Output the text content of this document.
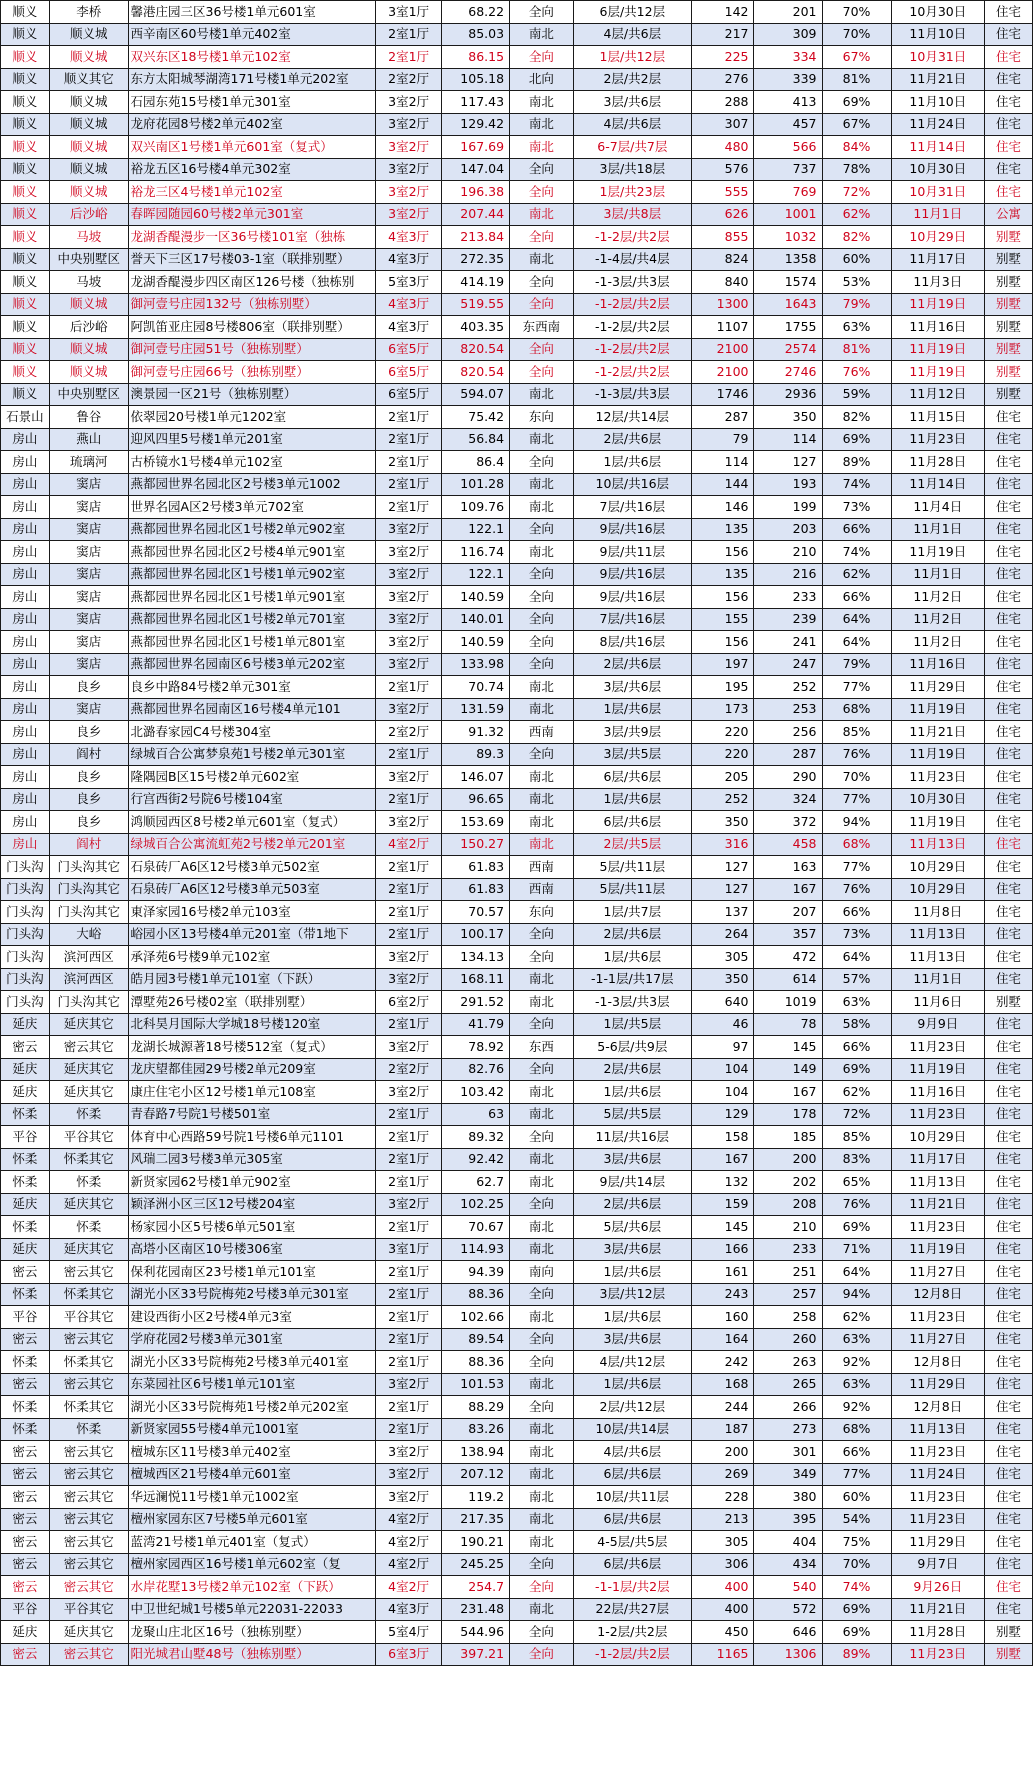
顺义	李桥	馨港庄园三区36号楼1单元601室	3室1厅	68.22	全向	6层/共12层	142	201	70%	10月30日	住宅
顺义	顺义城	西辛南区60号楼1单元402室	2室1厅	85.03	南北	4层/共6层	217	309	70%	11月10日	住宅
顺义	顺义城	双兴东区18号楼1单元102室	2室1厅	86.15	全向	1层/共12层	225	334	67%	10月31日	住宅
顺义	顺义其它	东方太阳城琴湖湾171号楼1单元202室	2室2厅	105.18	北向	2层/共2层	276	339	81%	11月21日	住宅
顺义	顺义城	石园东苑15号楼1单元301室	3室2厅	117.43	南北	3层/共6层	288	413	69%	11月10日	住宅
顺义	顺义城	龙府花园8号楼2单元402室	3室2厅	129.42	南北	4层/共6层	307	457	67%	11月24日	住宅
顺义	顺义城	双兴南区1号楼1单元601室（复式）	3室2厅	167.69	南北	6-7层/共7层	480	566	84%	11月14日	住宅
顺义	顺义城	裕龙五区16号楼4单元302室	3室2厅	147.04	全向	3层/共18层	576	737	78%	10月30日	住宅
顺义	顺义城	裕龙三区4号楼1单元102室	3室2厅	196.38	全向	1层/共23层	555	769	72%	10月31日	住宅
顺义	后沙峪	春晖园随园60号楼2单元301室	3室2厅	207.44	南北	3层/共8层	626	1001	62%	11月1日	公寓
顺义	马坡	龙湖香醍漫步一区36号楼101室（独栋	4室3厅	213.84	全向	-1-2层/共2层	855	1032	82%	10月29日	别墅
顺义	中央别墅区	誉天下三区17号楼03-1室（联排别墅）	4室3厅	272.35	南北	-1-4层/共4层	824	1358	60%	11月17日	别墅
顺义	马坡	龙湖香醍漫步四区南区126号楼（独栋别	5室3厅	414.19	全向	-1-3层/共3层	840	1574	53%	11月3日	别墅
顺义	顺义城	御河壹号庄园132号（独栋别墅）	4室3厅	519.55	全向	-1-2层/共2层	1300	1643	79%	11月19日	别墅
顺义	后沙峪	阿凯笛亚庄园8号楼806室（联排别墅）	4室3厅	403.35	东西南	-1-2层/共2层	1107	1755	63%	11月16日	别墅
顺义	顺义城	御河壹号庄园51号（独栋别墅）	6室5厅	820.54	全向	-1-2层/共2层	2100	2574	81%	11月19日	别墅
顺义	顺义城	御河壹号庄园66号（独栋别墅）	6室5厅	820.54	全向	-1-2层/共2层	2100	2746	76%	11月19日	别墅
顺义	中央别墅区	澳景园一区21号（独栋别墅）	6室5厅	594.07	南北	-1-3层/共3层	1746	2936	59%	11月12日	别墅
石景山	鲁谷	依翠园20号楼1单元1202室	2室1厅	75.42	东向	12层/共14层	287	350	82%	11月15日	住宅
房山	燕山	迎风四里5号楼1单元201室	2室1厅	56.84	南北	2层/共6层	79	114	69%	11月23日	住宅
房山	琉璃河	古桥镜水1号楼4单元102室	2室1厅	86.4	全向	1层/共6层	114	127	89%	11月28日	住宅
房山	窦店	燕都园世界名园北区2号楼3单元1002	2室1厅	101.28	南北	10层/共16层	144	193	74%	11月14日	住宅
房山	窦店	世界名园A区2号楼3单元702室	2室1厅	109.76	南北	7层/共16层	146	199	73%	11月4日	住宅
房山	窦店	燕都园世界名园北区1号楼2单元902室	3室2厅	122.1	全向	9层/共16层	135	203	66%	11月1日	住宅
房山	窦店	燕都园世界名园北区2号楼4单元901室	3室2厅	116.74	南北	9层/共11层	156	210	74%	11月19日	住宅
房山	窦店	燕都园世界名园北区1号楼1单元902室	3室2厅	122.1	全向	9层/共16层	135	216	62%	11月1日	住宅
房山	窦店	燕都园世界名园北区1号楼1单元901室	3室2厅	140.59	全向	9层/共16层	156	233	66%	11月2日	住宅
房山	窦店	燕都园世界名园北区1号楼2单元701室	3室2厅	140.01	全向	7层/共16层	155	239	64%	11月2日	住宅
房山	窦店	燕都园世界名园北区1号楼1单元801室	3室2厅	140.59	全向	8层/共16层	156	241	64%	11月2日	住宅
房山	窦店	燕都园世界名园南区6号楼3单元202室	3室2厅	133.98	全向	2层/共6层	197	247	79%	11月16日	住宅
房山	良乡	良乡中路84号楼2单元301室	2室1厅	70.74	南北	3层/共6层	195	252	77%	11月29日	住宅
房山	窦店	燕都园世界名园南区16号楼4单元101	3室2厅	131.59	南北	1层/共6层	173	253	68%	11月19日	住宅
房山	良乡	北潞春家园C4号楼304室	2室2厅	91.32	西南	3层/共9层	220	256	85%	11月21日	住宅
房山	阎村	绿城百合公寓梦泉苑1号楼2单元301室	2室1厅	89.3	全向	3层/共5层	220	287	76%	11月19日	住宅
房山	良乡	隆隅园B区15号楼2单元602室	3室2厅	146.07	南北	6层/共6层	205	290	70%	11月23日	住宅
房山	良乡	行宫西街2号院6号楼104室	2室1厅	96.65	南北	1层/共6层	252	324	77%	10月30日	住宅
房山	良乡	鸿顺园西区8号楼2单元601室（复式）	3室2厅	153.69	南北	6层/共6层	350	372	94%	11月19日	住宅
房山	阎村	绿城百合公寓流虹苑2号楼2单元201室	4室2厅	150.27	南北	2层/共5层	316	458	68%	11月13日	住宅
门头沟	门头沟其它	石泉砖厂A6区12号楼3单元502室	2室1厅	61.83	西南	5层/共11层	127	163	77%	10月29日	住宅
门头沟	门头沟其它	石泉砖厂A6区12号楼3单元503室	2室1厅	61.83	西南	5层/共11层	127	167	76%	10月29日	住宅
门头沟	门头沟其它	東泽家园16号楼2单元103室	2室1厅	70.57	东向	1层/共7层	137	207	66%	11月8日	住宅
门头沟	大峪	峪园小区13号楼4单元201室（带1地下	2室1厅	100.17	全向	2层/共6层	264	357	73%	11月13日	住宅
门头沟	滨河西区	承泽苑6号楼9单元102室	3室2厅	134.13	全向	1层/共6层	305	472	64%	11月13日	住宅
门头沟	滨河西区	皓月园3号楼1单元101室（下跃）	3室2厅	168.11	南北	-1-1层/共17层	350	614	57%	11月1日	住宅
门头沟	门头沟其它	潭墅苑26号楼02室（联排别墅）	6室2厅	291.52	南北	-1-3层/共3层	640	1019	63%	11月6日	别墅
延庆	延庆其它	北科昊月国际大学城18号楼120室	2室1厅	41.79	全向	1层/共5层	46	78	58%	9月9日	住宅
密云	密云其它	龙湖长城源著18号楼512室（复式）	3室2厅	78.92	东西	5-6层/共9层	97	145	66%	11月23日	住宅
延庆	延庆其它	龙庆望都佳园29号楼2单元209室	2室2厅	82.76	全向	2层/共6层	104	149	69%	11月19日	住宅
延庆	延庆其它	康庄住宅小区12号楼1单元108室	3室2厅	103.42	南北	1层/共6层	104	167	62%	11月16日	住宅
怀柔	怀柔	青春路7号院1号楼501室	2室1厅	63	南北	5层/共5层	129	178	72%	11月23日	住宅
平谷	平谷其它	体育中心西路59号院1号楼6单元1101	2室1厅	89.32	全向	11层/共16层	158	185	85%	10月29日	住宅
怀柔	怀柔其它	风瑞二园3号楼3单元305室	2室1厅	92.42	南北	3层/共6层	167	200	83%	11月17日	住宅
怀柔	怀柔	新贤家园62号楼1单元902室	2室1厅	62.7	南北	9层/共14层	132	202	65%	11月13日	住宅
延庆	延庆其它	颖泽洲小区三区12号楼204室	3室2厅	102.25	全向	2层/共6层	159	208	76%	11月21日	住宅
怀柔	怀柔	杨家园小区5号楼6单元501室	2室1厅	70.67	南北	5层/共6层	145	210	69%	11月23日	住宅
延庆	延庆其它	高塔小区南区10号楼306室	3室1厅	114.93	南北	3层/共6层	166	233	71%	11月19日	住宅
密云	密云其它	保利花园南区23号楼1单元101室	2室1厅	94.39	南向	1层/共6层	161	251	64%	11月27日	住宅
怀柔	怀柔其它	湖光小区33号院梅苑2号楼3单元301室	2室1厅	88.36	全向	3层/共12层	243	257	94%	12月8日	住宅
平谷	平谷其它	建设西街小区2号楼4单元3室	2室1厅	102.66	南北	1层/共6层	160	258	62%	11月23日	住宅
密云	密云其它	学府花园2号楼3单元301室	2室1厅	89.54	全向	3层/共6层	164	260	63%	11月27日	住宅
怀柔	怀柔其它	湖光小区33号院梅苑2号楼3单元401室	2室1厅	88.36	全向	4层/共12层	242	263	92%	12月8日	住宅
密云	密云其它	东菜园社区6号楼1单元101室	3室2厅	101.53	南北	1层/共6层	168	265	63%	11月29日	住宅
怀柔	怀柔其它	湖光小区33号院梅苑1号楼2单元202室	2室1厅	88.29	全向	2层/共12层	244	266	92%	12月8日	住宅
怀柔	怀柔	新贤家园55号楼4单元1001室	2室1厅	83.26	南北	10层/共14层	187	273	68%	11月13日	住宅
密云	密云其它	檀城东区11号楼3单元402室	3室2厅	138.94	南北	4层/共6层	200	301	66%	11月23日	住宅
密云	密云其它	檀城西区21号楼4单元601室	3室2厅	207.12	南北	6层/共6层	269	349	77%	11月24日	住宅
密云	密云其它	华远澜悦11号楼1单元1002室	3室2厅	119.2	南北	10层/共11层	228	380	60%	11月23日	住宅
密云	密云其它	檀州家园东区7号楼5单元601室	4室2厅	217.35	南北	6层/共6层	213	395	54%	11月23日	住宅
密云	密云其它	蓝湾21号楼1单元401室（复式）	4室2厅	190.21	南北	4-5层/共5层	305	404	75%	11月29日	住宅
密云	密云其它	檀州家园西区16号楼1单元602室（复	4室2厅	245.25	全向	6层/共6层	306	434	70%	9月7日	住宅
密云	密云其它	水岸花墅13号楼2单元102室（下跃）	4室2厅	254.7	全向	-1-1层/共2层	400	540	74%	9月26日	住宅
平谷	平谷其它	中卫世纪城1号楼5单元22031-22033	4室3厅	231.48	南北	22层/共27层	400	572	69%	11月21日	住宅
延庆	延庆其它	龙聚山庄北区16号（独栋别墅）	5室4厅	544.96	全向	1-2层/共2层	450	646	69%	11月28日	别墅
密云	密云其它	阳光城君山墅48号（独栋别墅）	6室3厅	397.21	全向	-1-2层/共2层	1165	1306	89%	11月23日	别墅
